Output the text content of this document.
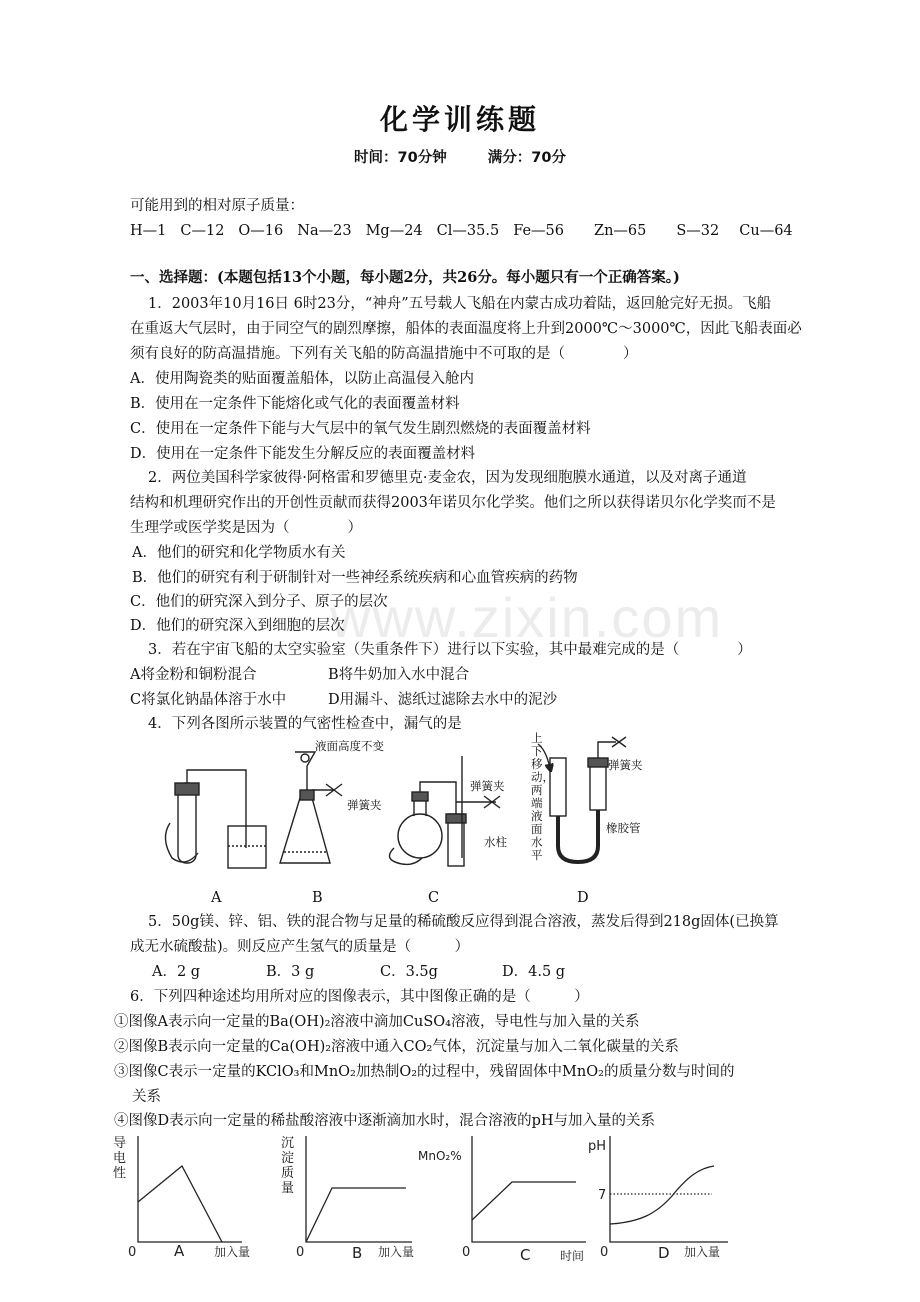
www.zixin.com
化学训练题
时间：70分钟	满分：70分
可能用到的相对原子质量：
H—1 C—12 O—16 Na—23 Mg—24 Cl—35.5 Fe—56 Zn—65 S—32 Cu—64
一、选择题：(本题包括13个小题，每小题2分，共26分。每小题只有一个正确答案。)
1．2003年10月16日 6时23分，“神舟”五号载人飞船在内蒙古成功着陆，返回舱完好无损。飞船
在重返大气层时，由于同空气的剧烈摩擦，船体的表面温度将上升到2000℃～3000℃，因此飞船表面必
须有良好的防高温措施。下列有关飞船的防高温措施中不可取的是（　　　　）
A．使用陶瓷类的贴面覆盖船体，以防止高温侵入舱内
B．使用在一定条件下能熔化或气化的表面覆盖材料
C．使用在一定条件下能与大气层中的氧气发生剧烈燃烧的表面覆盖材料
D．使用在一定条件下能发生分解反应的表面覆盖材料
2．两位美国科学家彼得·阿格雷和罗德里克·麦金农，因为发现细胞膜水通道，以及对离子通道
结构和机理研究作出的开创性贡献而获得2003年诺贝尔化学奖。他们之所以获得诺贝尔化学奖而不是
生理学或医学奖是因为（　　　　）
A．他们的研究和化学物质水有关
B．他们的研究有利于研制针对一些神经系统疾病和心血管疾病的药物
C．他们的研究深入到分子、原子的层次
D．他们的研究深入到细胞的层次
3．若在宇宙飞船的太空实验室（失重条件下）进行以下实验，其中最难完成的是（　　　　）
A将金粉和铜粉混合	B将牛奶加入水中混合
C将氯化钠晶体溶于水中	D用漏斗、滤纸过滤除去水中的泥沙
4．下列各图所示装置的气密性检查中，漏气的是
液面高度不变
弹簧夹
弹簧夹
水柱
上下移动，两端液面水平
弹簧夹
橡胶管
A	B	C	D
5．50g镁、锌、铝、铁的混合物与足量的稀硫酸反应得到混合溶液，蒸发后得到218g固体(已换算
成无水硫酸盐)。则反应产生氢气的质量是（　　　）
A．2 g	B．3 g	C．3.5g	D．4.5 g
6．下列四种途述均用所对应的图像表示，其中图像正确的是（　　　）
①图像A表示向一定量的Ba(OH)₂溶液中滴加CuSO₄溶液，导电性与加入量的关系
②图像B表示向一定量的Ca(OH)₂溶液中通入CO₂气体，沉淀量与加入二氧化碳量的关系
③图像C表示一定量的KClO₃和MnO₂加热制O₂的过程中，残留固体中MnO₂的质量分数与时间的
关系
④图像D表示向一定量的稀盐酸溶液中逐渐滴加水时，混合溶液的pH与加入量的关系
0	A 加入量	0	B 加入量
MnO₂%
0	C 时间
pH
7
0	D 加入量
导电性
沉淀质量
